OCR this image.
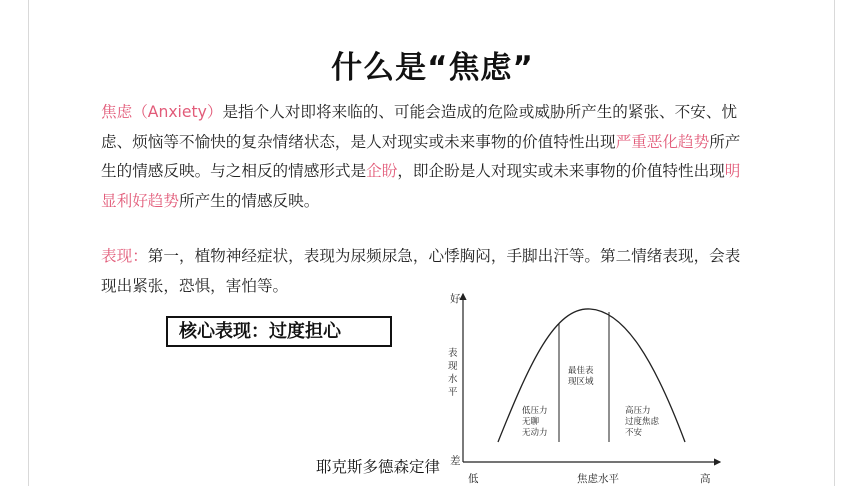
什么是“焦虑”
焦虑（Anxiety）是指个人对即将来临的、可能会造成的危险或威胁所产生的紧张、不安、忧虑、烦恼等不愉快的复杂情绪状态，是人对现实或未来事物的价值特性出现严重恶化趋势所产生的情感反映。与之相反的情感形式是企盼，即企盼是人对现实或未来事物的价值特性出现明显利好趋势所产生的情感反映。
表现：第一，植物神经症状，表现为尿频尿急，心悸胸闷，手脚出汗等。第二情绪表现，会表现出紧张，恐惧，害怕等。
核心表现：过度担心
耶克斯多德森定律
好
差
表现水平
低	焦虑水平	高
低压力无聊无动力
最佳表现区域
高压力过度焦虑不安
